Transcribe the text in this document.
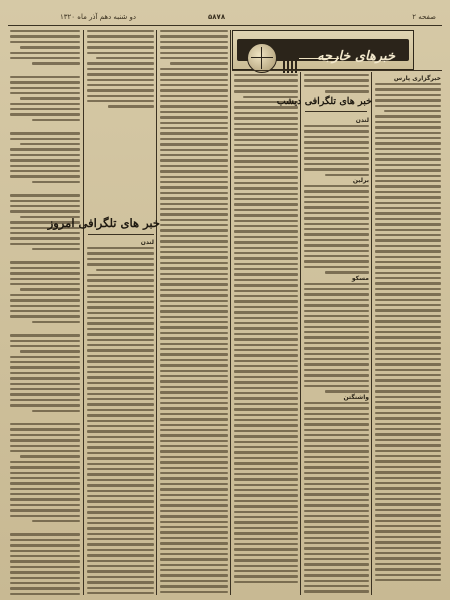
دو شنبه دهم آذر ماه ۱۳۲۰	۵۸۷۸	صفحه ۲
خبرهای خارجه
خبر های تلگرافی امروز
لندن
خبر های تلگرافی دیشب
لندن
برلین
مسکو
واشنگتن
خبرگزاری پارس
